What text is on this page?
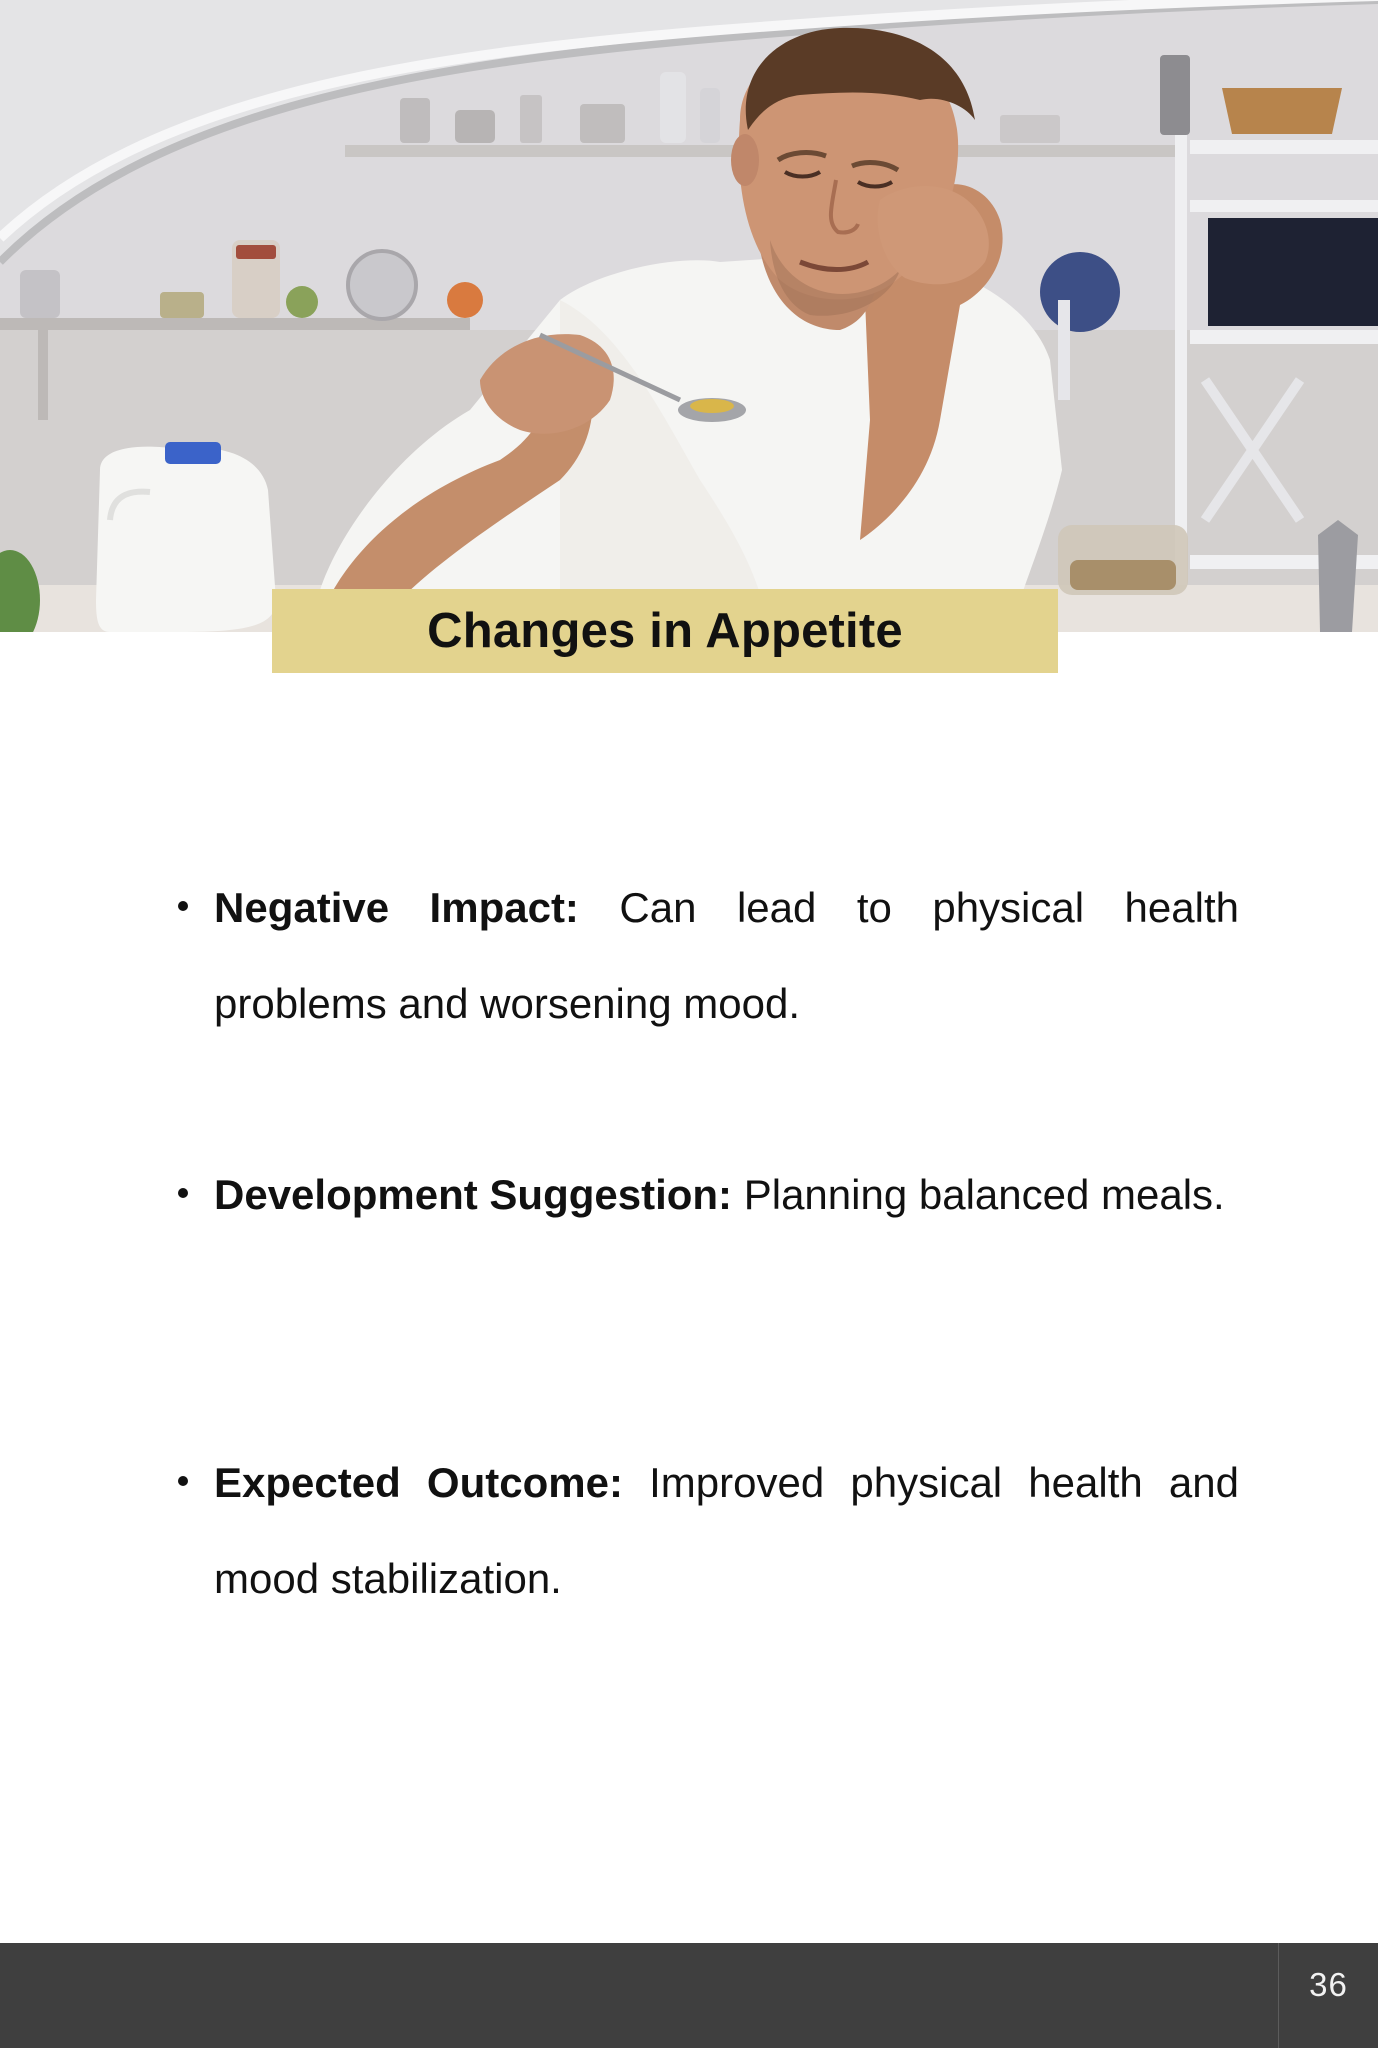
Changes in Appetite
Negative Impact: Can lead to physical health problems and worsening mood.
Development Suggestion: Planning balanced meals.
Expected Outcome: Improved physical health and mood stabilization.
36
